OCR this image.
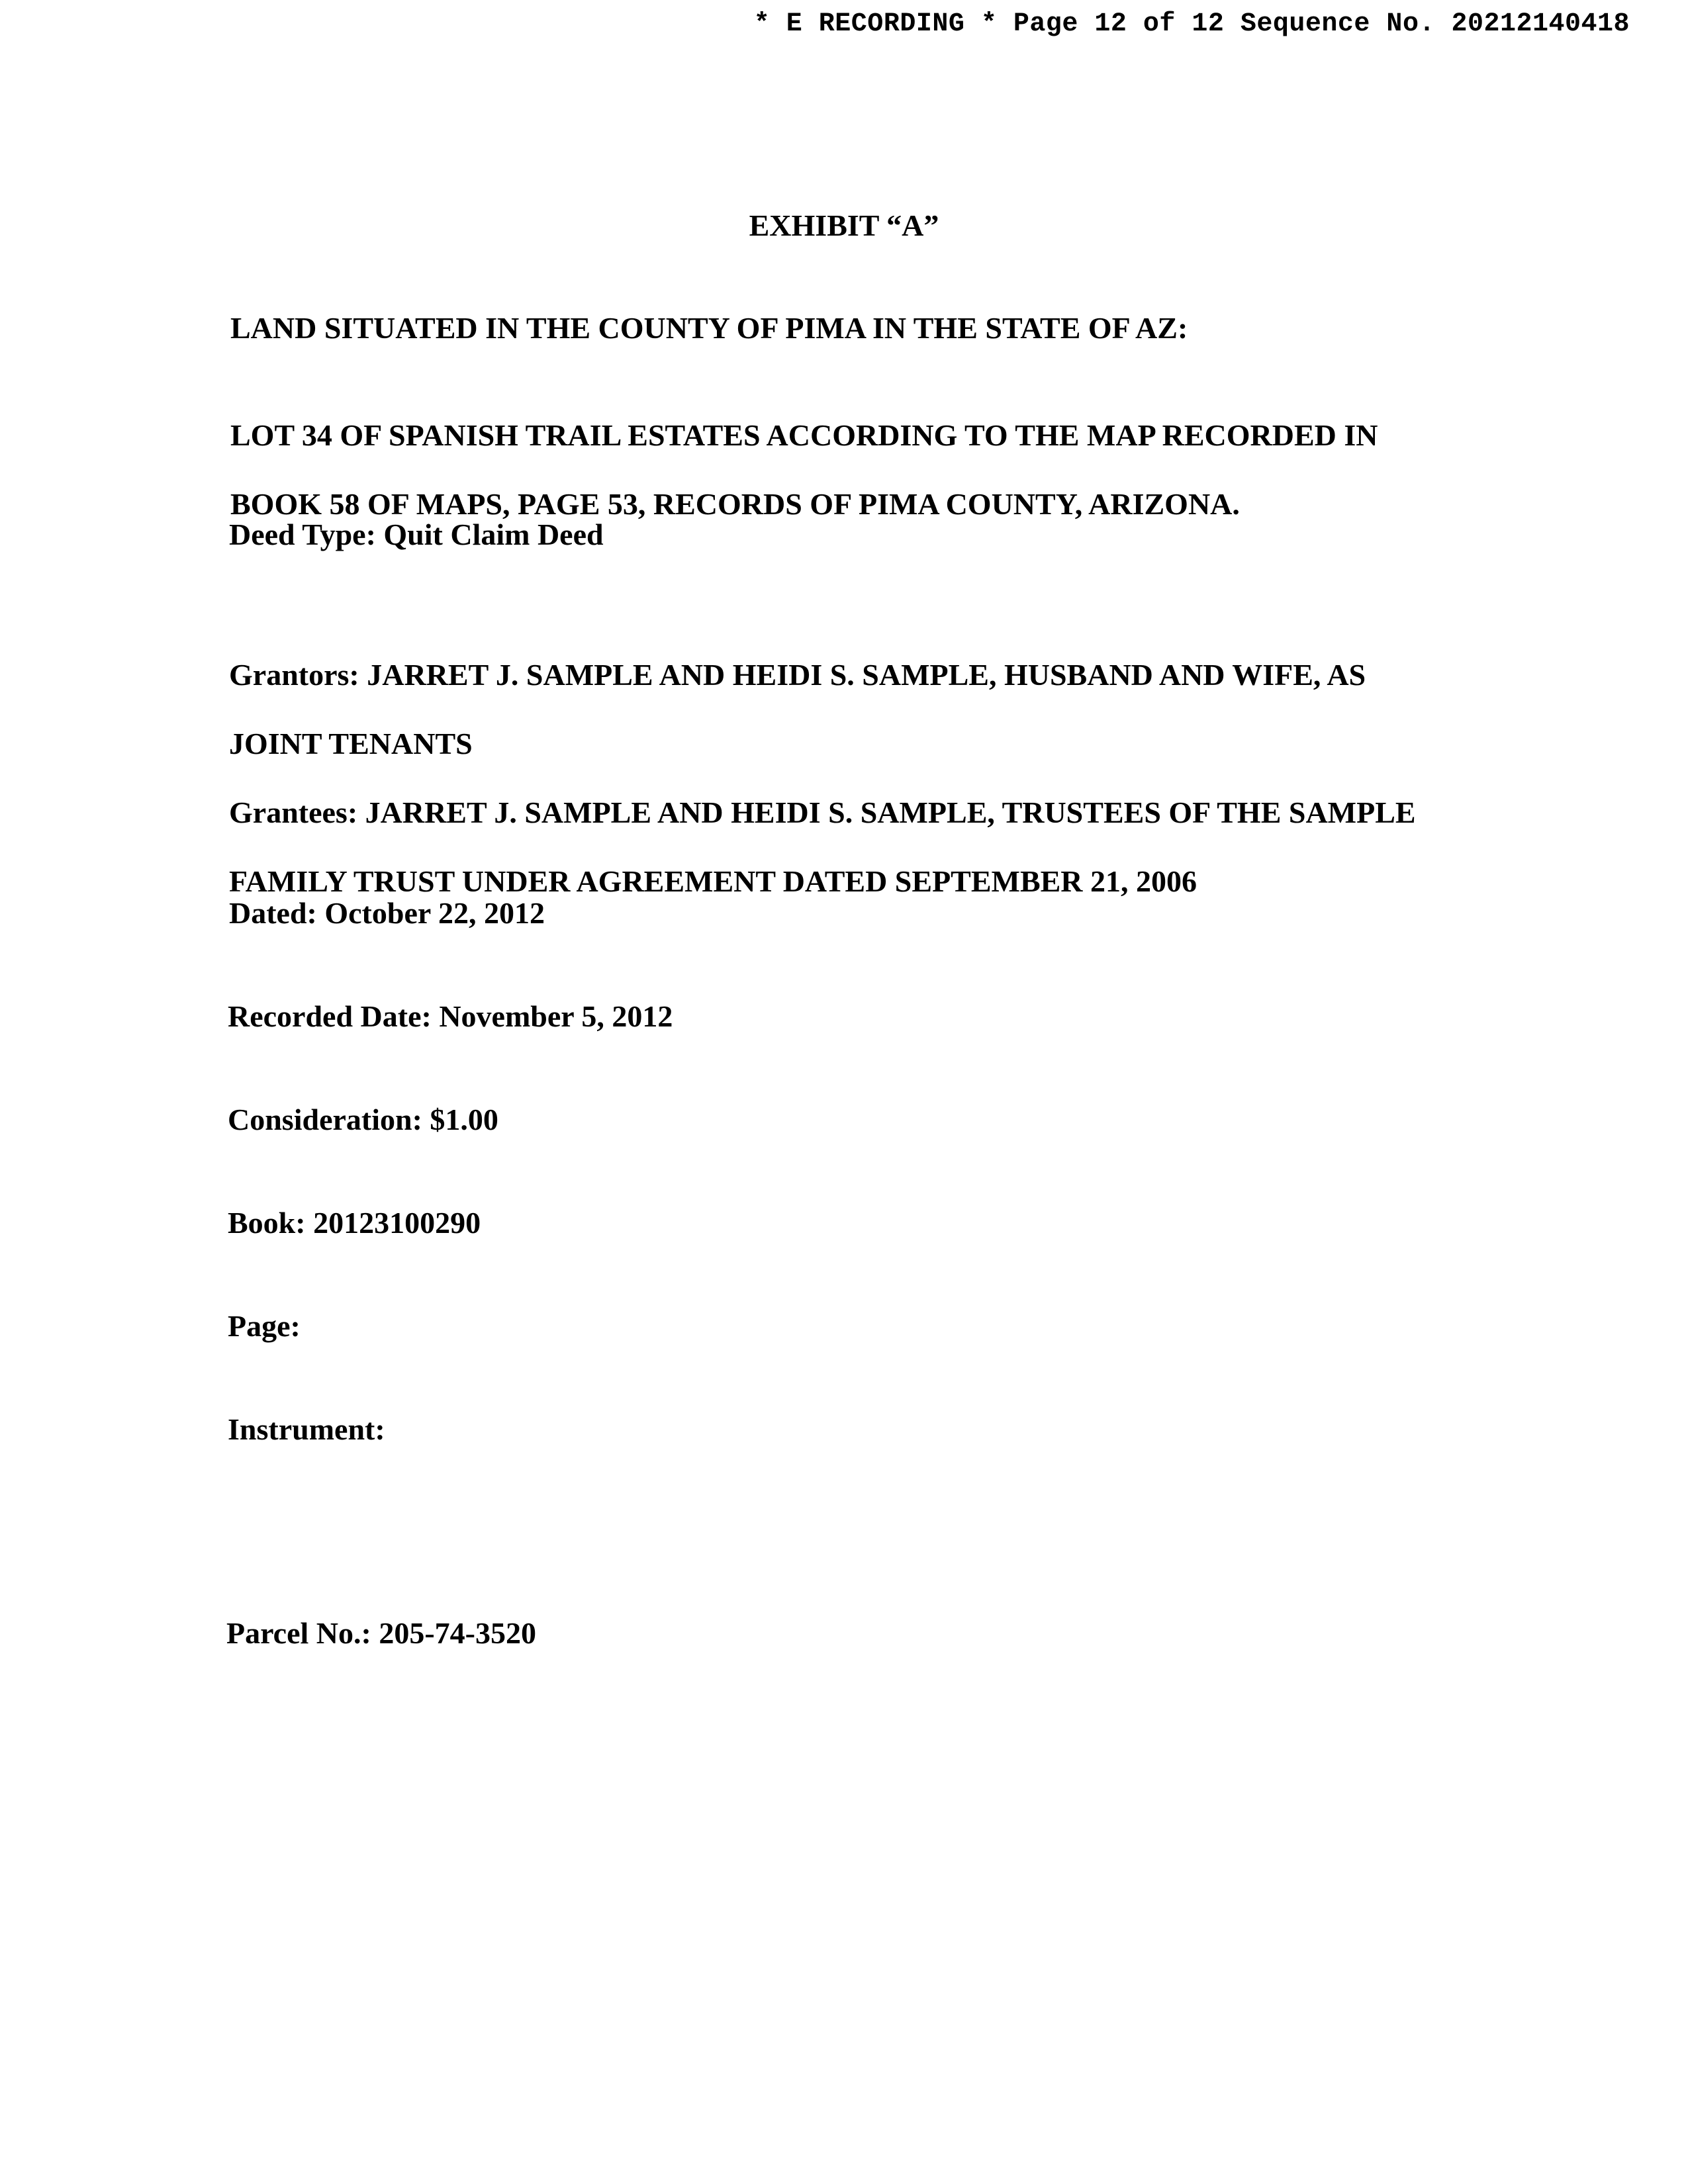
* E RECORDING * Page 12 of 12 Sequence No. 20212140418
EXHIBIT “A”
LAND SITUATED IN THE COUNTY OF PIMA IN THE STATE OF AZ:

LOT 34 OF SPANISH TRAIL ESTATES ACCORDING TO THE MAP RECORDED IN

BOOK 58 OF MAPS, PAGE 53, RECORDS OF PIMA COUNTY, ARIZONA.

Deed Type: Quit Claim Deed

Grantors: JARRET J. SAMPLE AND HEIDI S. SAMPLE, HUSBAND AND WIFE, AS

JOINT TENANTS

Grantees: JARRET J. SAMPLE AND HEIDI S. SAMPLE, TRUSTEES OF THE SAMPLE

FAMILY TRUST UNDER AGREEMENT DATED SEPTEMBER 21, 2006

Dated: October 22, 2012
Recorded Date: November 5, 2012
Consideration: $1.00
Book: 20123100290
Page:
Instrument:
Parcel No.: 205-74-3520
